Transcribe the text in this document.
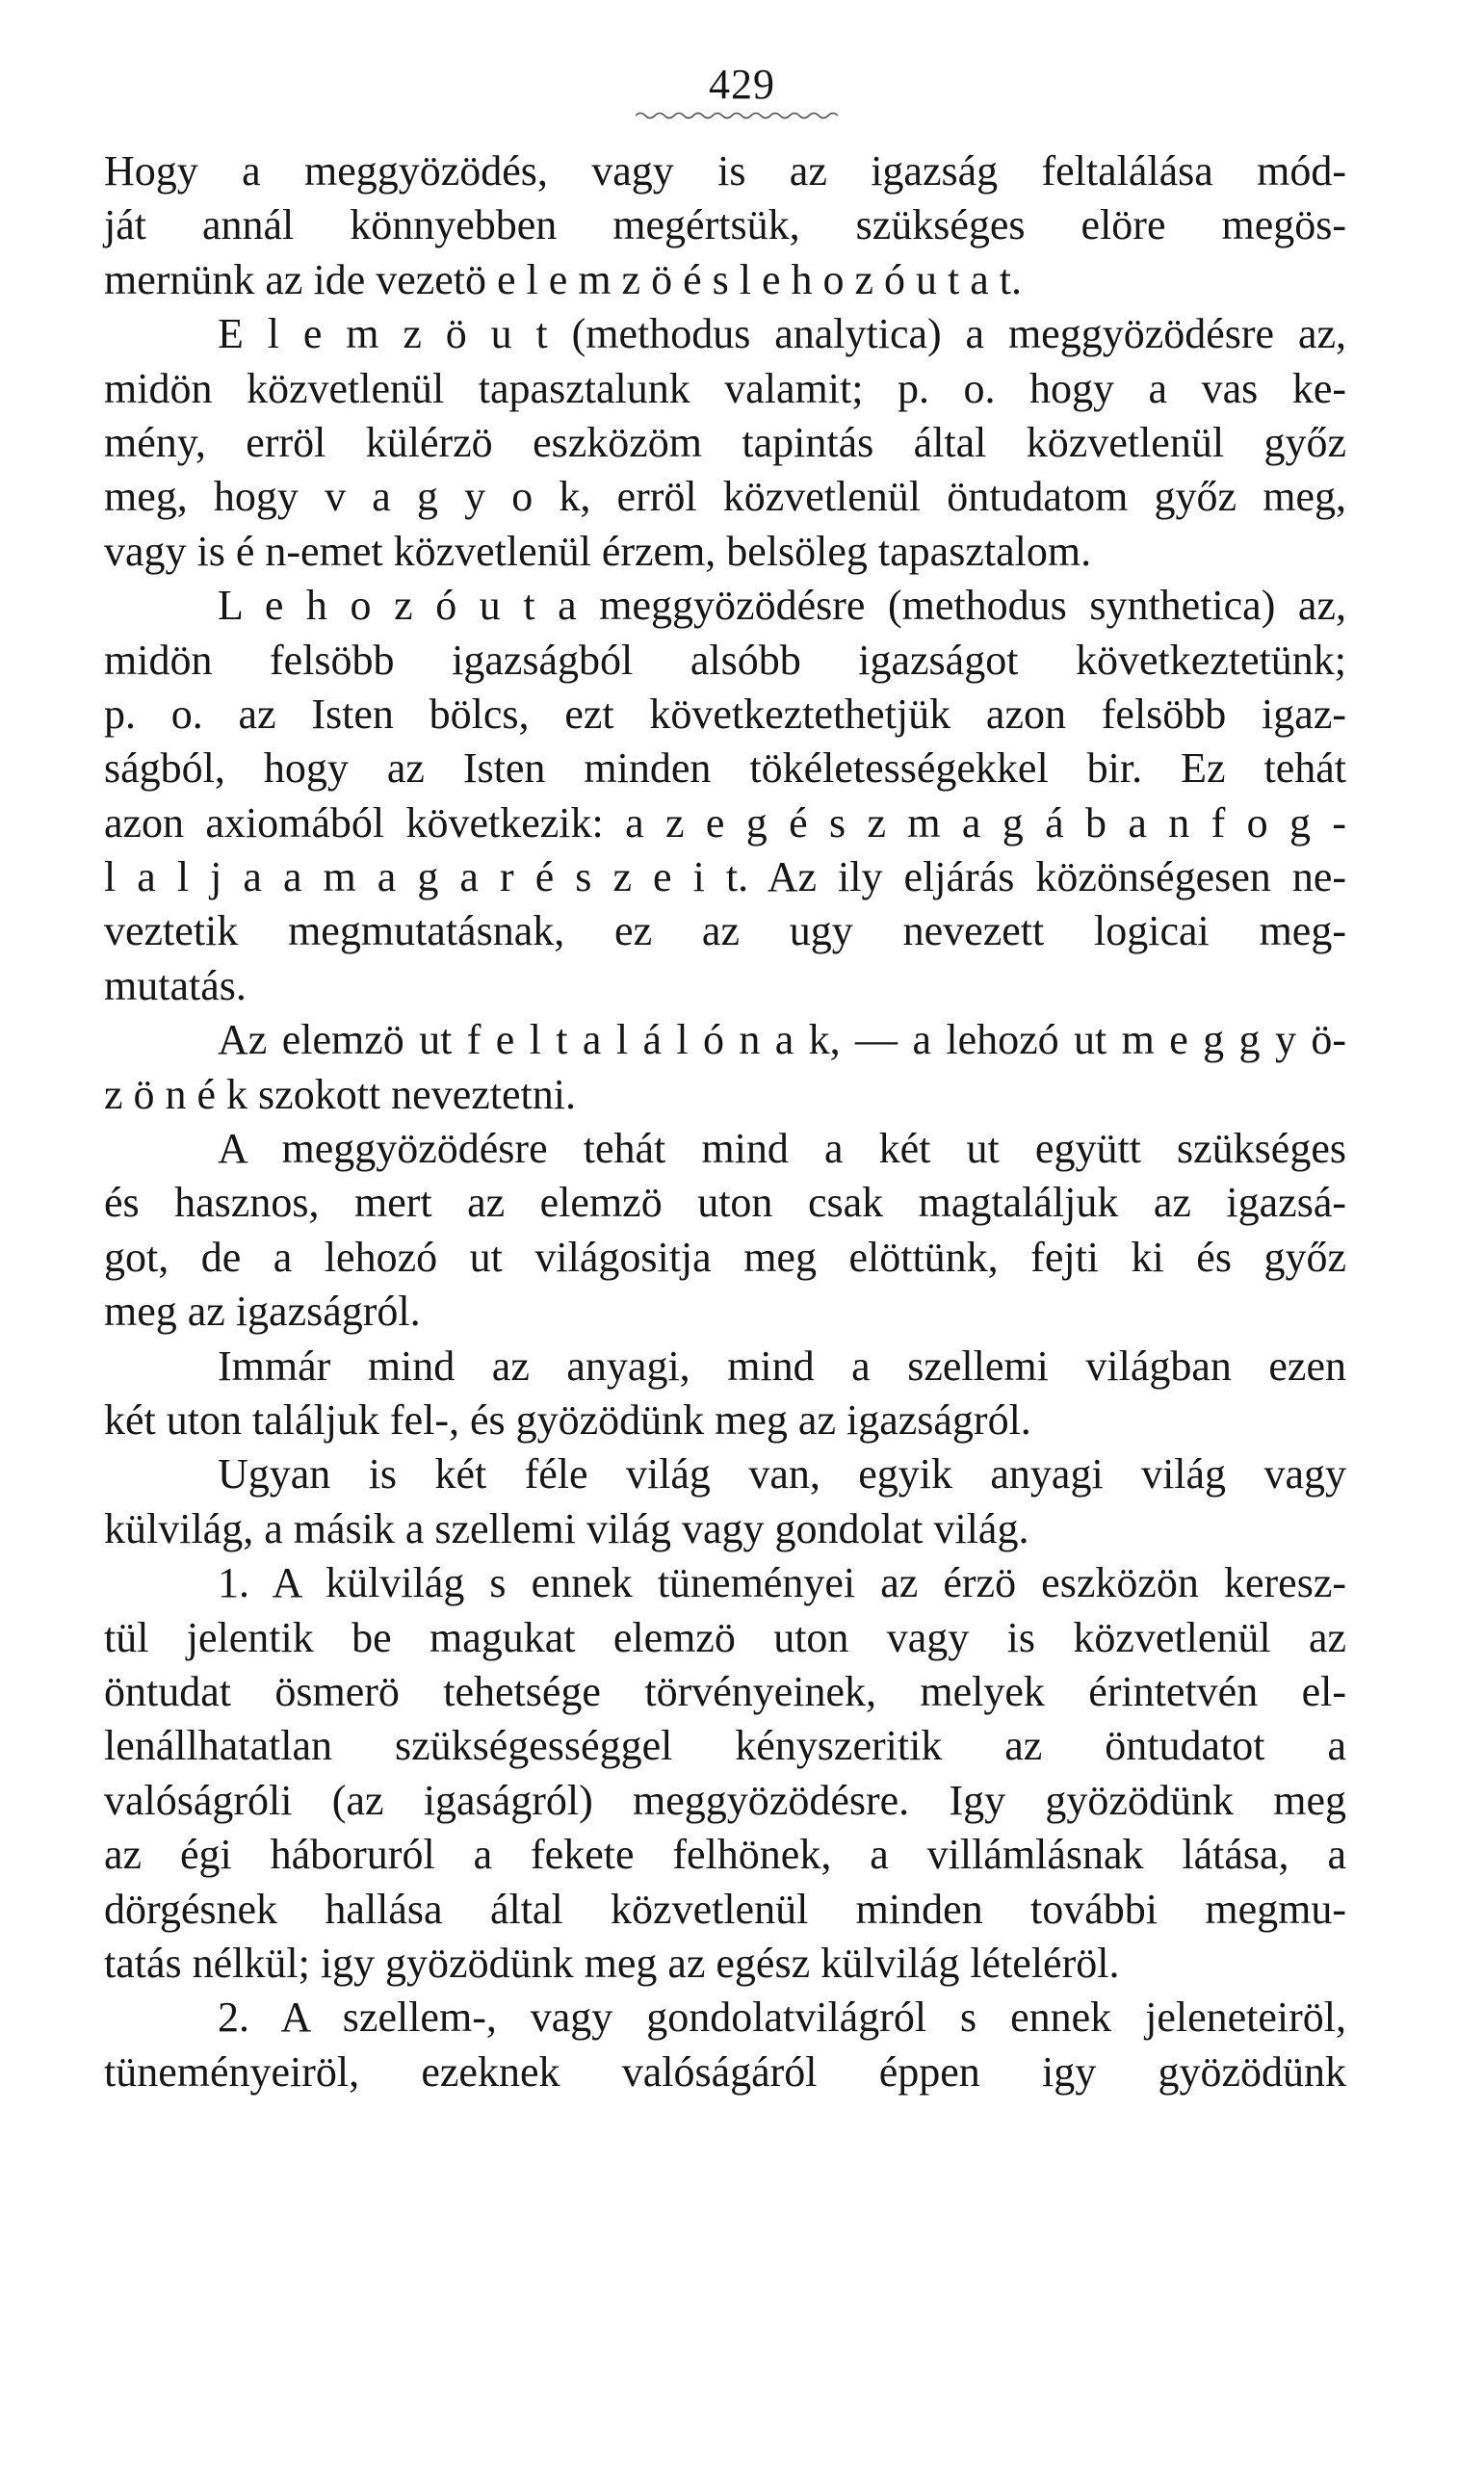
429
Hogy a meggyözödés, vagy is az igazság feltalálása mód-
ját annál könnyebben megértsük, szükséges elöre megös-
mernünk az ide vezetö e l e m z ö é s l e h o z ó u t a t.
E l e m z ö u t (methodus analytica) a meggyözödésre az,
midön közvetlenül tapasztalunk valamit; p. o. hogy a vas ke-
mény, erröl külérzö eszközöm tapintás által közvetlenül győz
meg, hogy v a g y o k, erröl közvetlenül öntudatom győz meg,
vagy is é n-emet közvetlenül érzem, belsöleg tapasztalom.
L e h o z ó u t a meggyözödésre (methodus synthetica) az,
midön felsöbb igazságból alsóbb igazságot következtetünk;
p. o. az Isten bölcs, ezt következtethetjük azon felsöbb igaz-
ságból, hogy az Isten minden tökéletességekkel bir. Ez tehát
azon axiomából következik: a z e g é s z m a g á b a n f o g -
l a l j a a m a g a r é s z e i t. Az ily eljárás közönségesen ne-
veztetik megmutatásnak, ez az ugy nevezett logicai meg-
mutatás.
Az elemzö ut f e l t a l á l ó n a k, — a lehozó ut m e g g y ö-
z ö n é k szokott neveztetni.
A meggyözödésre tehát mind a két ut együtt szükséges
és hasznos, mert az elemzö uton csak magtaláljuk az igazsá-
got, de a lehozó ut világositja meg elöttünk, fejti ki és győz
meg az igazságról.
Immár mind az anyagi, mind a szellemi világban ezen
két uton találjuk fel-, és gyözödünk meg az igazságról.
Ugyan is két féle világ van, egyik anyagi világ vagy
külvilág, a másik a szellemi világ vagy gondolat világ.
1. A külvilág s ennek tüneményei az érzö eszközön keresz-
tül jelentik be magukat elemzö uton vagy is közvetlenül az
öntudat ösmerö tehetsége törvényeinek, melyek érintetvén el-
lenállhatatlan szükségességgel kényszeritik az öntudatot a
valóságróli (az igaságról) meggyözödésre. Igy gyözödünk meg
az égi háboruról a fekete felhönek, a villámlásnak látása, a
dörgésnek hallása által közvetlenül minden további megmu-
tatás nélkül; igy gyözödünk meg az egész külvilág lételéröl.
2. A szellem-, vagy gondolatvilágról s ennek jeleneteiröl,
tüneményeiröl, ezeknek valóságáról éppen igy gyözödünk
